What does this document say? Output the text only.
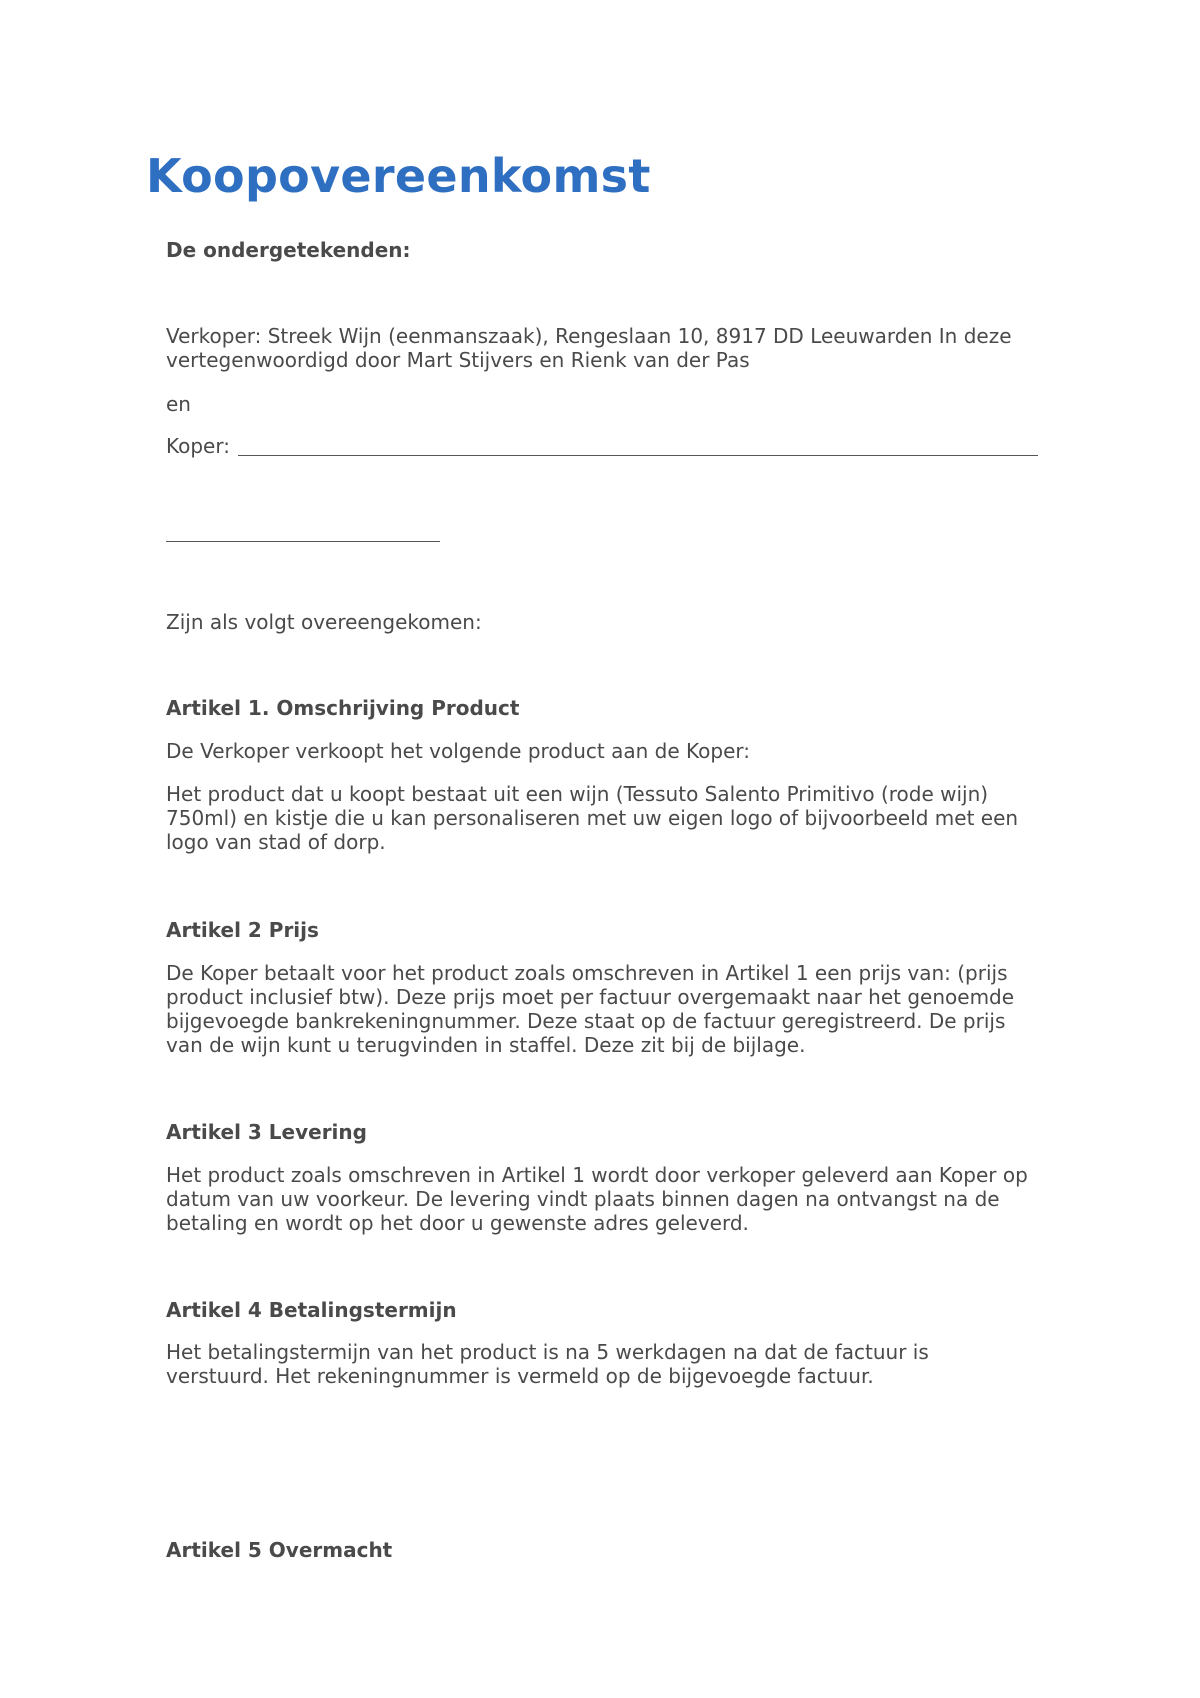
Koopovereenkomst
De ondergetekenden:
Verkoper: Streek Wijn (eenmanszaak), Rengeslaan 10, 8917 DD Leeuwarden In deze
vertegenwoordigd door Mart Stijvers en Rienk van der Pas
en
Koper:
Zijn als volgt overeengekomen:
Artikel 1. Omschrijving Product
De Verkoper verkoopt het volgende product aan de Koper:
Het product dat u koopt bestaat uit een wijn (Tessuto Salento Primitivo (rode wijn) 750ml) en kistje die u kan personaliseren met uw eigen logo of bijvoorbeeld met een logo van stad of dorp.
Artikel 2 Prijs
De Koper betaalt voor het product zoals omschreven in Artikel 1 een prijs van: (prijs product inclusief btw). Deze prijs moet per factuur overgemaakt naar het genoemde bijgevoegde bankrekeningnummer. Deze staat op de factuur geregistreerd. De prijs van de wijn kunt u terugvinden in staffel. Deze zit bij de bijlage.
Artikel 3 Levering
Het product zoals omschreven in Artikel 1 wordt door verkoper geleverd aan Koper op datum van uw voorkeur. De levering vindt plaats binnen dagen na ontvangst na de betaling en wordt op het door u gewenste adres geleverd.
Artikel 4 Betalingstermijn
Het betalingstermijn van het product is na 5 werkdagen na dat de factuur is verstuurd. Het rekeningnummer is vermeld op de bijgevoegde factuur.
Artikel 5 Overmacht
